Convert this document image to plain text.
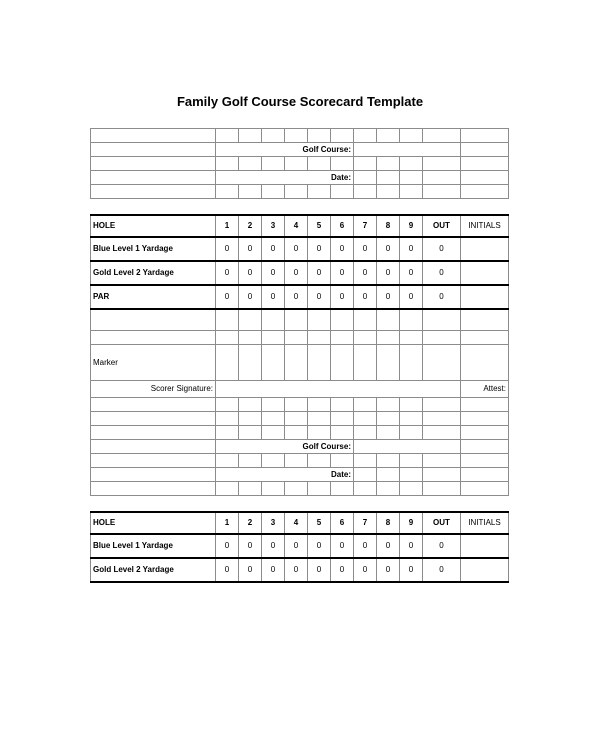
Family Golf Course Scorecard Template

	Golf Course:										

	Date:										

HOLE	1	2	3	4	5	6	7	8	9	OUT	INITIALS
Blue Level 1 Yardage	0	0	0	0	0	0	0	0	0	0	
Gold Level 2 Yardage	0	0	0	0	0	0	0	0	0	0	
PAR	0	0	0	0	0	0	0	0	0	0	

Marker											
Scorer Signature:											Attest:

	Golf Course:										

	Date:										

HOLE	1	2	3	4	5	6	7	8	9	OUT	INITIALS
Blue Level 1 Yardage	0	0	0	0	0	0	0	0	0	0	
Gold Level 2 Yardage	0	0	0	0	0	0	0	0	0	0	
